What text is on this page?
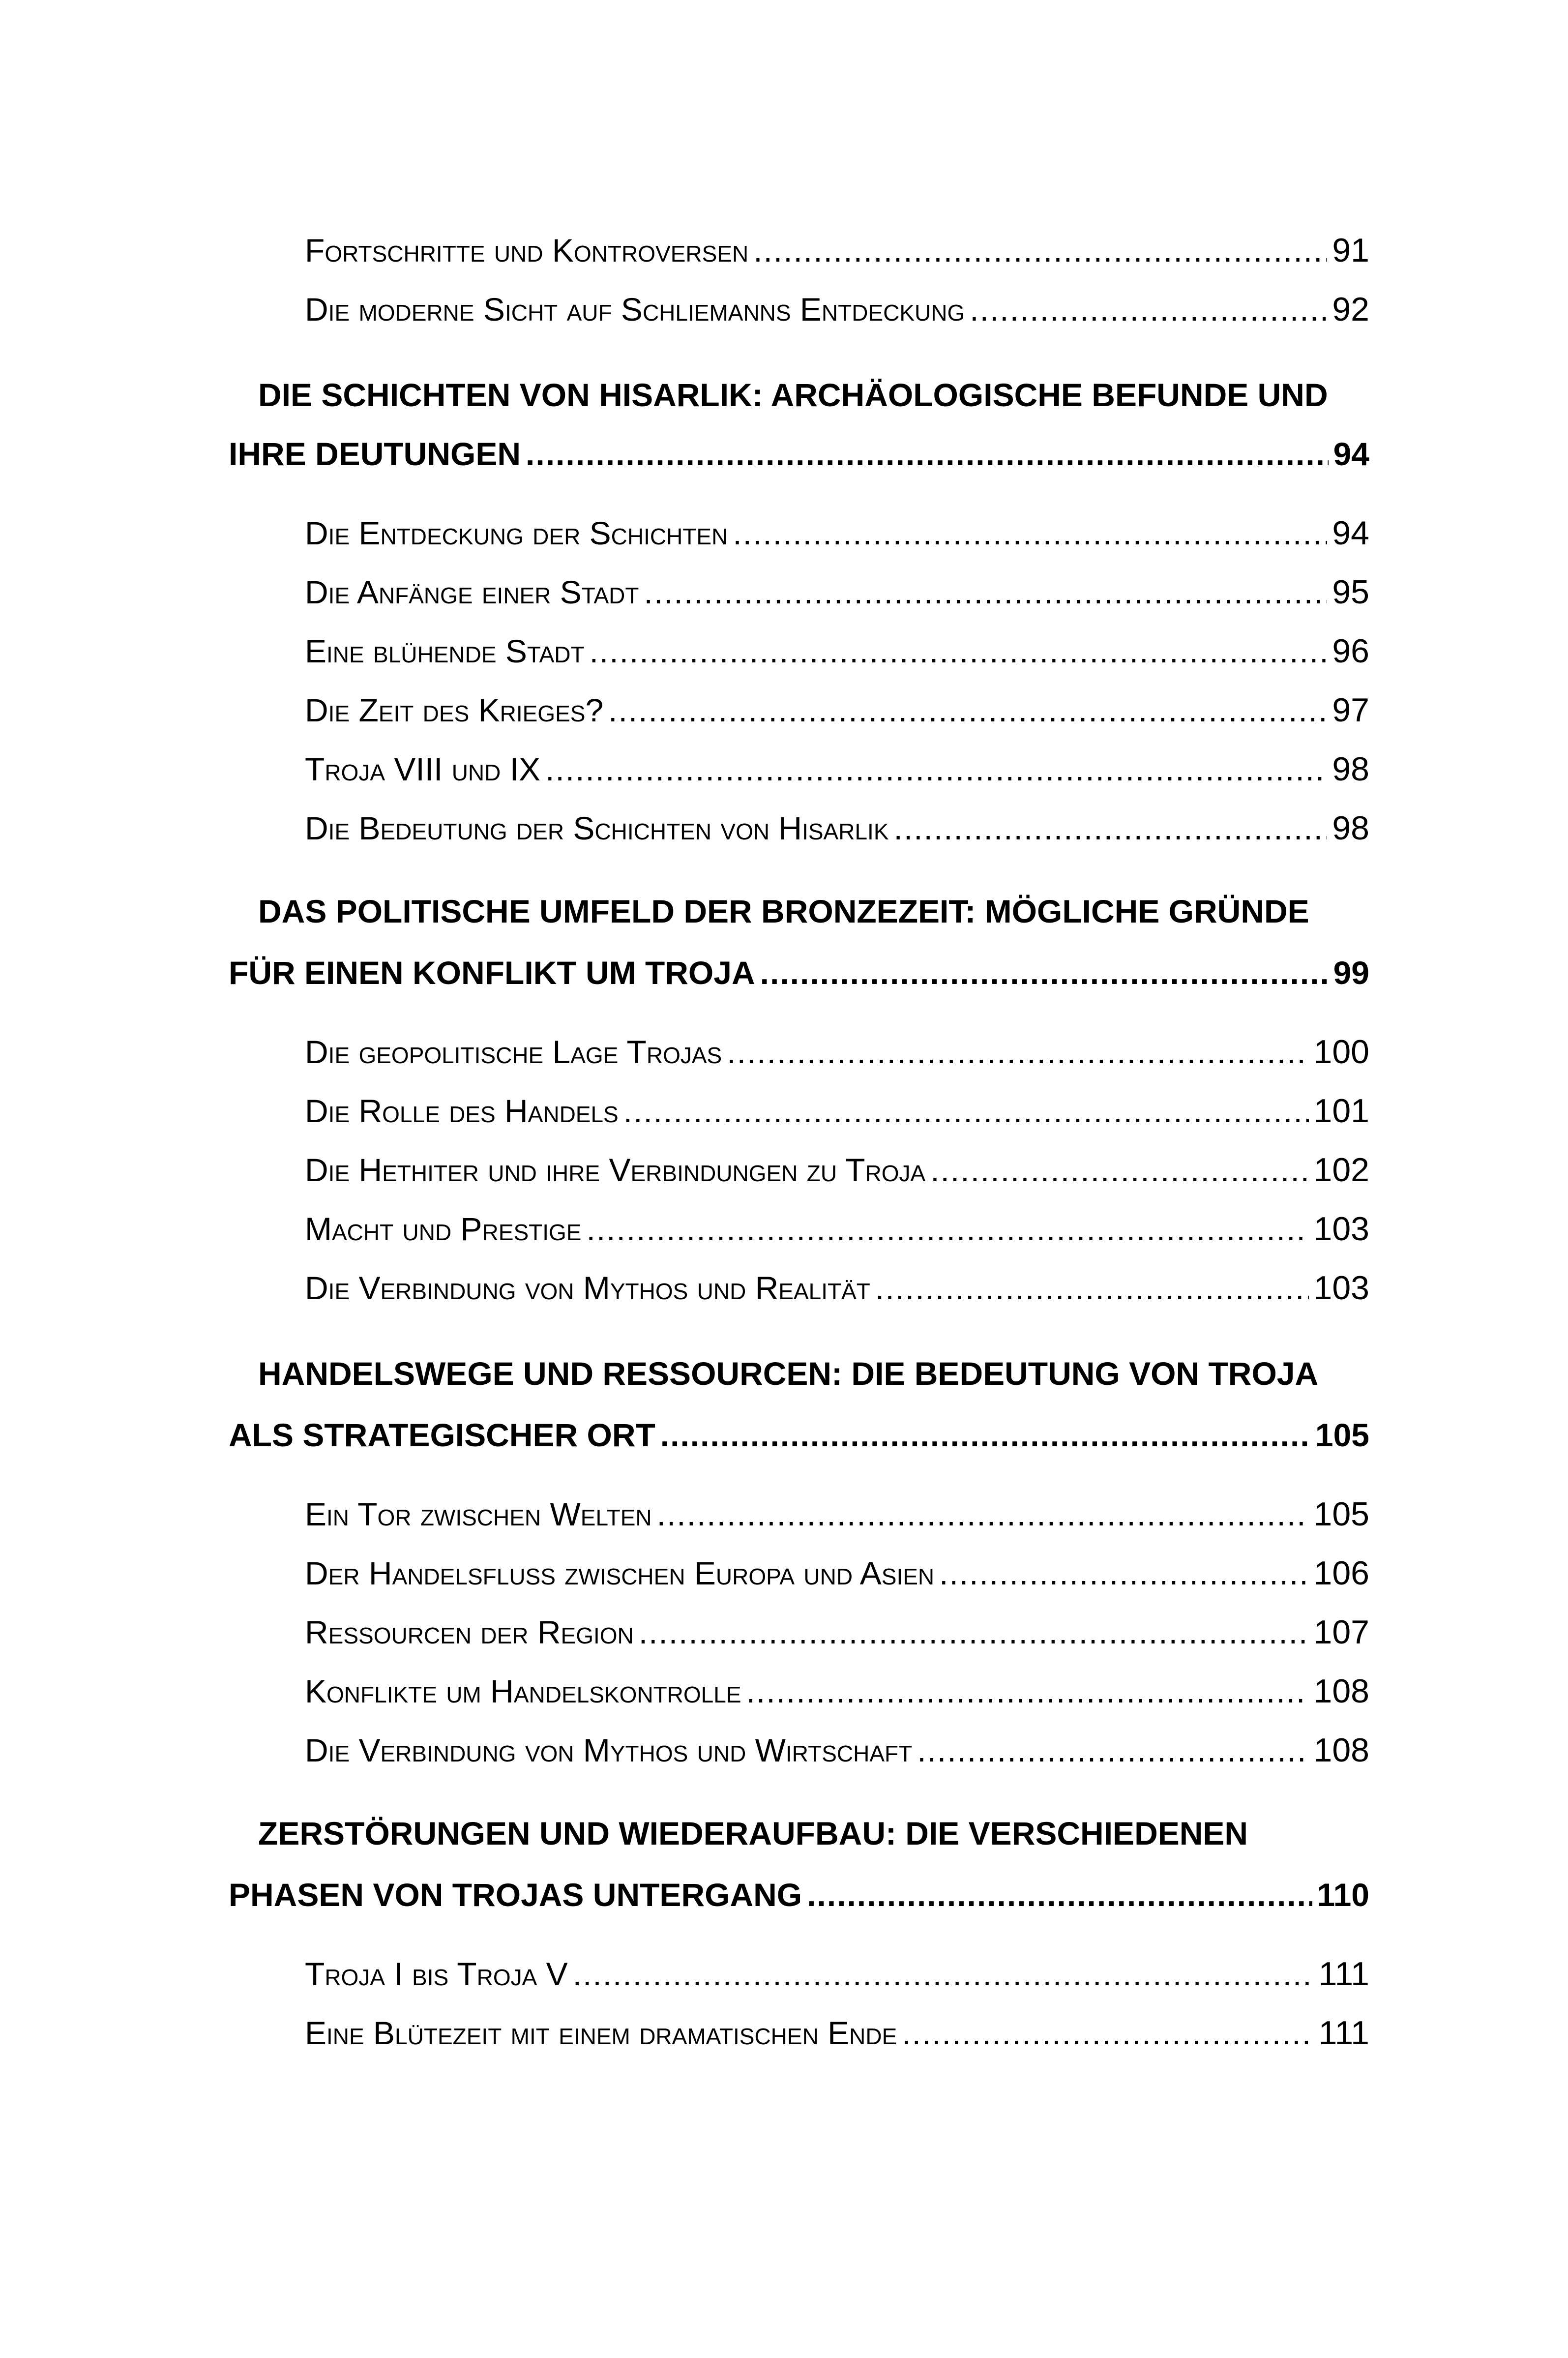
Fortschritte und Kontroversen .....	91
Die moderne Sicht auf Schliemanns Entdeckung .....	92
DIE SCHICHTEN VON HISARLIK: ARCHÄOLOGISCHE BEFUNDE UND
IHRE DEUTUNGEN .....	94
Die Entdeckung der Schichten .....	94
Die Anfänge einer Stadt .....	95
Eine blühende Stadt .....	96
Die Zeit des Krieges? .....	97
Troja VIII und IX .....	98
Die Bedeutung der Schichten von Hisarlik .....	98
DAS POLITISCHE UMFELD DER BRONZEZEIT: MÖGLICHE GRÜNDE
FÜR EINEN KONFLIKT UM TROJA .....	99
Die geopolitische Lage Trojas .....	100
Die Rolle des Handels .....	101
Die Hethiter und ihre Verbindungen zu Troja .....	102
Macht und Prestige .....	103
Die Verbindung von Mythos und Realität .....	103
HANDELSWEGE UND RESSOURCEN: DIE BEDEUTUNG VON TROJA
ALS STRATEGISCHER ORT .....	105
Ein Tor zwischen Welten .....	105
Der Handelsfluss zwischen Europa und Asien .....	106
Ressourcen der Region .....	107
Konflikte um Handelskontrolle .....	108
Die Verbindung von Mythos und Wirtschaft .....	108
ZERSTÖRUNGEN UND WIEDERAUFBAU: DIE VERSCHIEDENEN
PHASEN VON TROJAS UNTERGANG .....	110
Troja I bis Troja V .....	111
Eine Blütezeit mit einem dramatischen Ende .....	111
